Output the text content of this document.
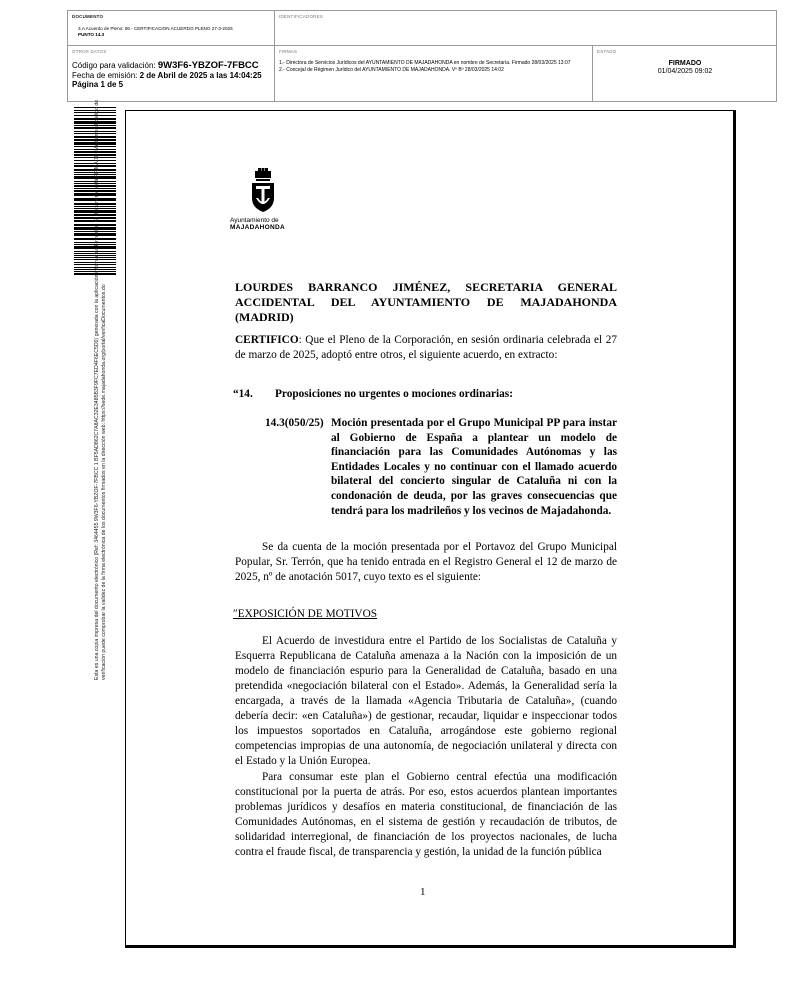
DOCUMENTO
3.A Acuerdo de Pleno: 06.- CERTIFICACION ACUERDO PLENO 27-3-2025
PUNTO 14.3
IDENTIFICADORES
OTROS DATOS
Código para validación: 9W3F6-YBZOF-7FBCC
Fecha de emisión: 2 de Abril de 2025 a las 14:04:25
Página 1 de 5
FIRMAS
1.- Directora de Servicios Jurídicos del AYUNTAMIENTO DE MAJADAHONDA en nombre de Secretaría. Firmado 28/03/2025 13:07
2.- Concejal de Régimen Jurídico del AYUNTAMIENTO DE MAJADAHONDA. Vº Bº 28/03/2025 14:02
ESTADO
FIRMADO
01/04/2025 09:02
Esta es una copia impresa del documento electrónico (Ref: 3464455 9W3F6-YBZOF-7FBCC 1 BF5AD862C7A8AC32E3485B3F9FC7ED4F6EC5D0) generada con la aplicación informática Firmadoc. El documento está FIRMADO. Mediante el código de verificación puede comprobar la validez de la firma electrónica de los documentos firmados en la dirección web: https://sede.majadahonda.org/portal/verificaDocumentos.do
Ayuntamiento de
MAJADAHONDA
LOURDES BARRANCO JIMÉNEZ, SECRETARIA GENERAL
ACCIDENTAL DEL AYUNTAMIENTO DE MAJADAHONDA (MADRID)
CERTIFICO: Que el Pleno de la Corporación, en sesión ordinaria celebrada el 27 de marzo de 2025, adoptó entre otros, el siguiente acuerdo, en extracto:
“14. Proposiciones no urgentes o mociones ordinarias:
14.3(050/25) Moción presentada por el Grupo Municipal PP para instar al Gobierno de España a plantear un modelo de financiación para las Comunidades Autónomas y las Entidades Locales y no continuar con el llamado acuerdo bilateral del concierto singular de Cataluña ni con la condonación de deuda, por las graves consecuencias que tendrá para los madrileños y los vecinos de Majadahonda.
Se da cuenta de la moción presentada por el Portavoz del Grupo Municipal Popular, Sr. Terrón, que ha tenido entrada en el Registro General el 12 de marzo de 2025, nº de anotación 5017, cuyo texto es el siguiente:
″EXPOSICIÓN DE MOTIVOS
El Acuerdo de investidura entre el Partido de los Socialistas de Cataluña y Esquerra Republicana de Cataluña amenaza a la Nación con la imposición de un modelo de financiación espurio para la Generalidad de Cataluña, basado en una pretendida «negociación bilateral con el Estado». Además, la Generalidad sería la encargada, a través de la llamada «Agencia Tributaria de Cataluña», (cuando debería decir: «en Cataluña») de gestionar, recaudar, liquidar e inspeccionar todos los impuestos soportados en Cataluña, arrogándose este gobierno regional competencias impropias de una autonomía, de negociación unilateral y directa con el Estado y la Unión Europea.
Para consumar este plan el Gobierno central efectúa una modificación constitucional por la puerta de atrás. Por eso, estos acuerdos plantean importantes problemas jurídicos y desafíos en materia constitucional, de financiación de las Comunidades Autónomas, en el sistema de gestión y recaudación de tributos, de solidaridad interregional, de financiación de los proyectos nacionales, de lucha contra el fraude fiscal, de transparencia y gestión, la unidad de la función pública
1
